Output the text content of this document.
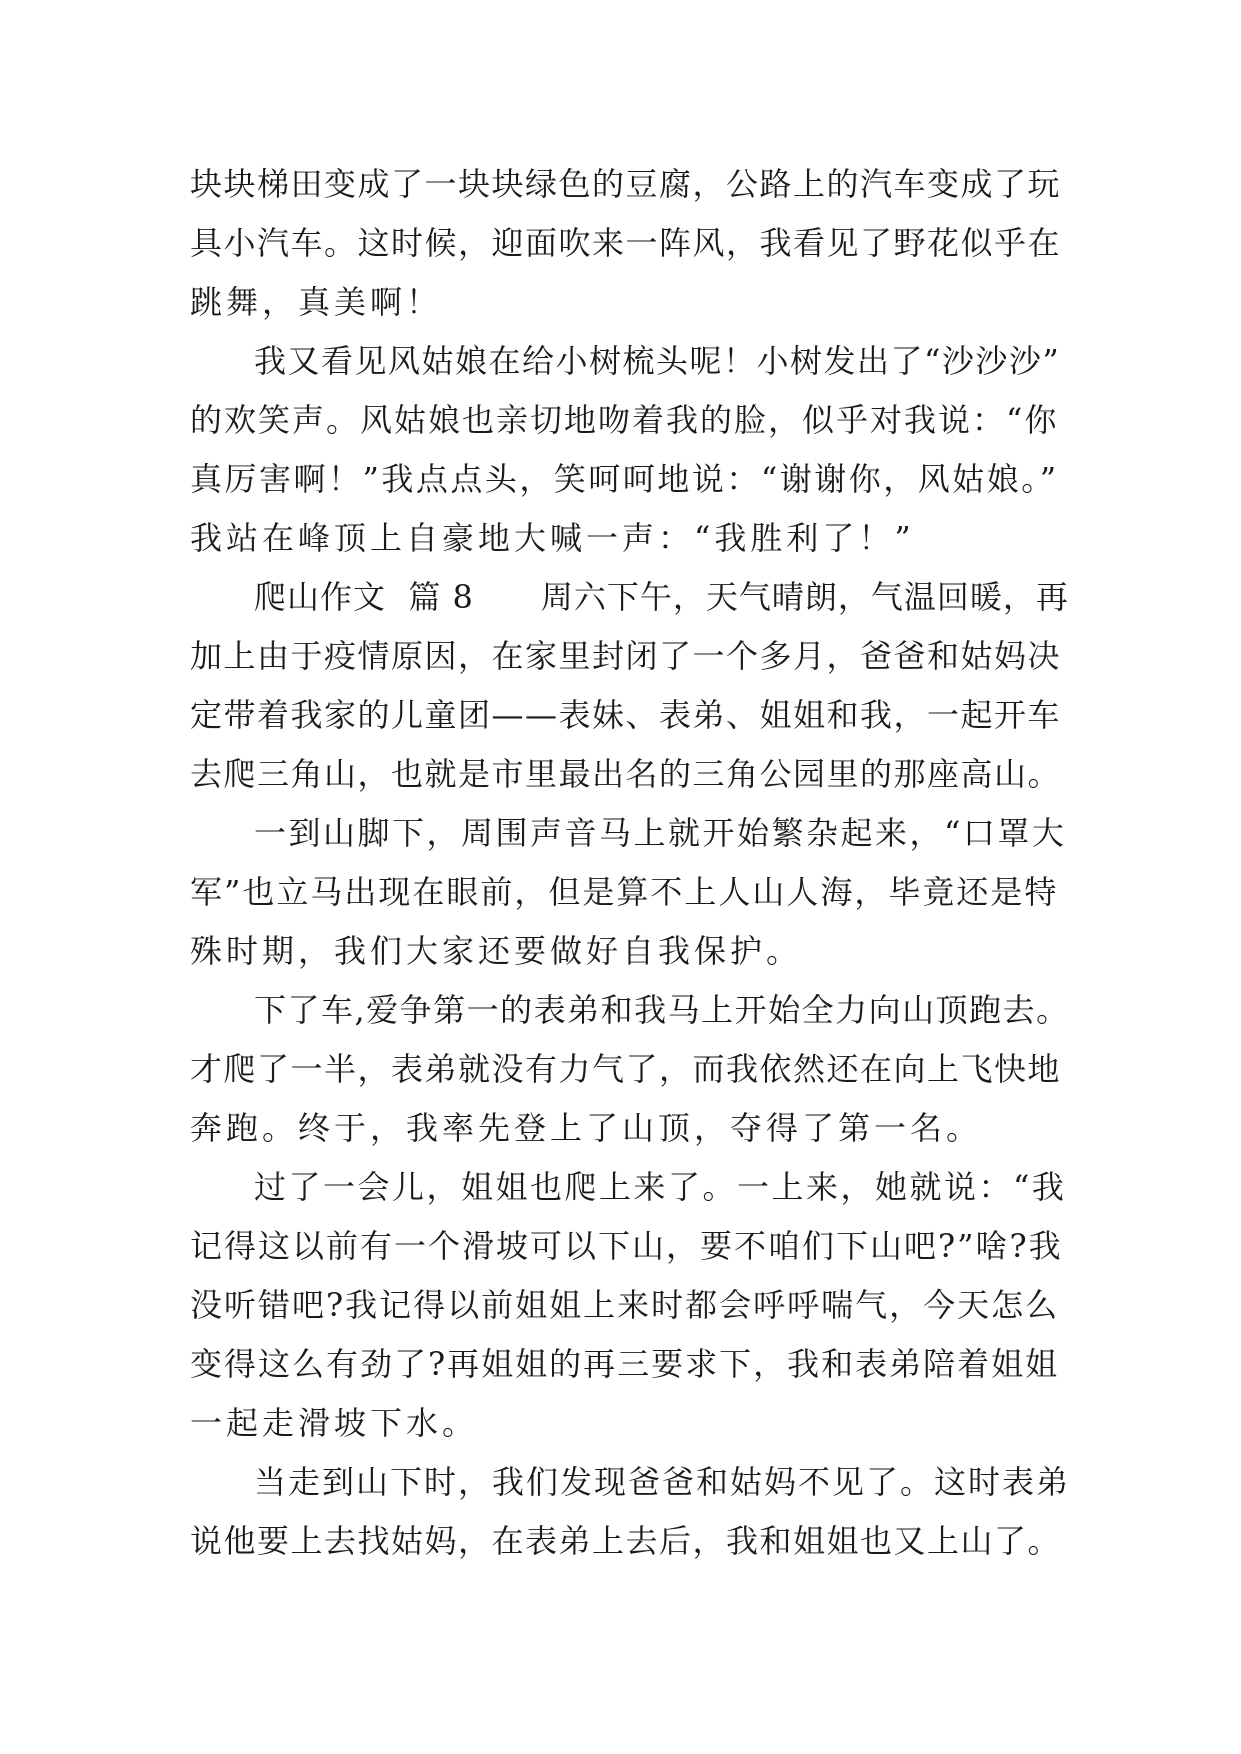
块块梯田变成了一块块绿色的豆腐，公路上的汽车变成了玩
具小汽车。这时候，迎面吹来一阵风，我看见了野花似乎在
跳舞，真美啊！
我又看见风姑娘在给小树梳头呢！小树发出了“沙沙沙”
的欢笑声。风姑娘也亲切地吻着我的脸，似乎对我说：“你
真厉害啊！”我点点头，笑呵呵地说：“谢谢你，风姑娘。”
我站在峰顶上自豪地大喊一声：“我胜利了！”
爬山作文  篇 8      周六下午，天气晴朗，气温回暖，再
加上由于疫情原因，在家里封闭了一个多月，爸爸和姑妈决
定带着我家的儿童团——表妹、表弟、姐姐和我，一起开车
去爬三角山，也就是市里最出名的三角公园里的那座高山。
一到山脚下，周围声音马上就开始繁杂起来，“口罩大
军”也立马出现在眼前，但是算不上人山人海，毕竟还是特
殊时期，我们大家还要做好自我保护。
下了车,爱争第一的表弟和我马上开始全力向山顶跑去。
才爬了一半，表弟就没有力气了，而我依然还在向上飞快地
奔跑。终于，我率先登上了山顶，夺得了第一名。
过了一会儿，姐姐也爬上来了。一上来，她就说：“我
记得这以前有一个滑坡可以下山，要不咱们下山吧?”啥?我
没听错吧?我记得以前姐姐上来时都会呼呼喘气，今天怎么
变得这么有劲了?再姐姐的再三要求下，我和表弟陪着姐姐
一起走滑坡下水。
当走到山下时，我们发现爸爸和姑妈不见了。这时表弟
说他要上去找姑妈，在表弟上去后，我和姐姐也又上山了。
